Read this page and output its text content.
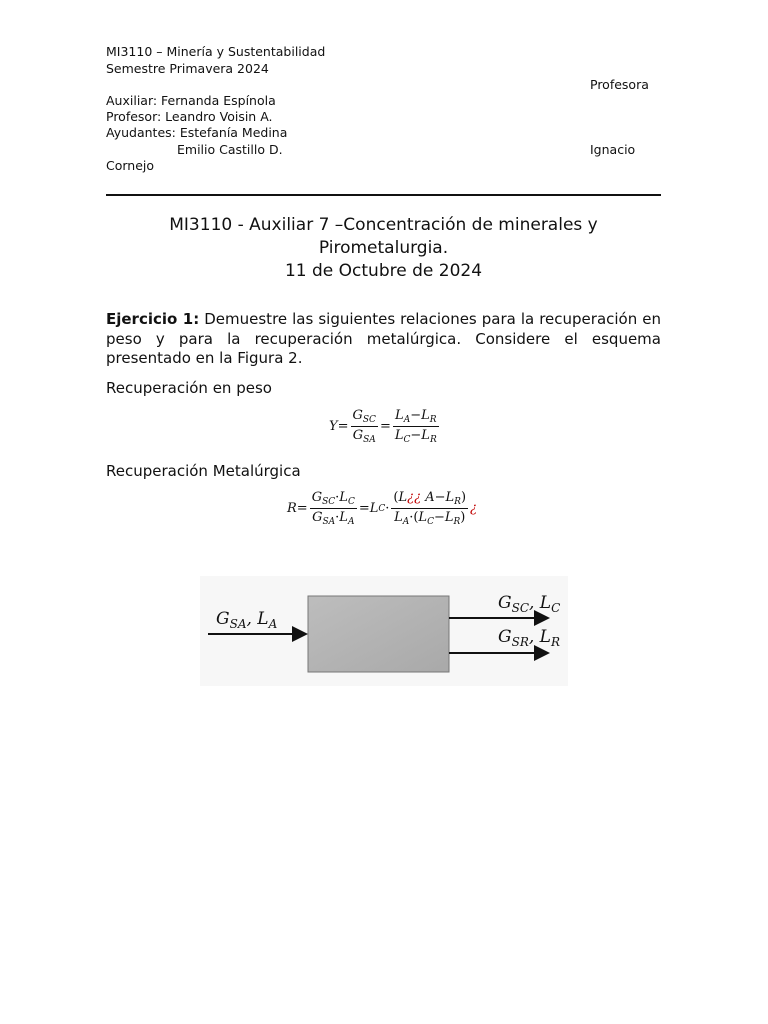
MI3110 – Minería y Sustentabilidad
Semestre Primavera 2024
Profesora
Auxiliar: Fernanda Espínola
Profesor: Leandro Voisin A.
Ayudantes: Estefanía Medina
Emilio Castillo D.	Ignacio
Cornejo
MI3110 - Auxiliar 7 –Concentración de minerales y
Pirometalurgia.
11 de Octubre de 2024
Ejercicio 1: Demuestre las siguientes relaciones para la recuperación en peso y para la recuperación metalúrgica. Considere el esquema presentado en la Figura 2.
Recuperación en peso
$Y = \frac{G_{SC}}{G_{SA}} = \frac{L_A-L_R}{L_C-L_R}$
Recuperación Metalúrgica
$R = \frac{G_{SC}\cdot L_C}{G_{SA}\cdot L_A} = L$ $C \cdot \frac{(L¿¿ A-L_R)}{L_A\cdot(L_C-L_R)}$ ¿
$G_{SA}$, $L_A$
$G_{SC}$, $L_C$
$G_{SR}$, $L_R$
